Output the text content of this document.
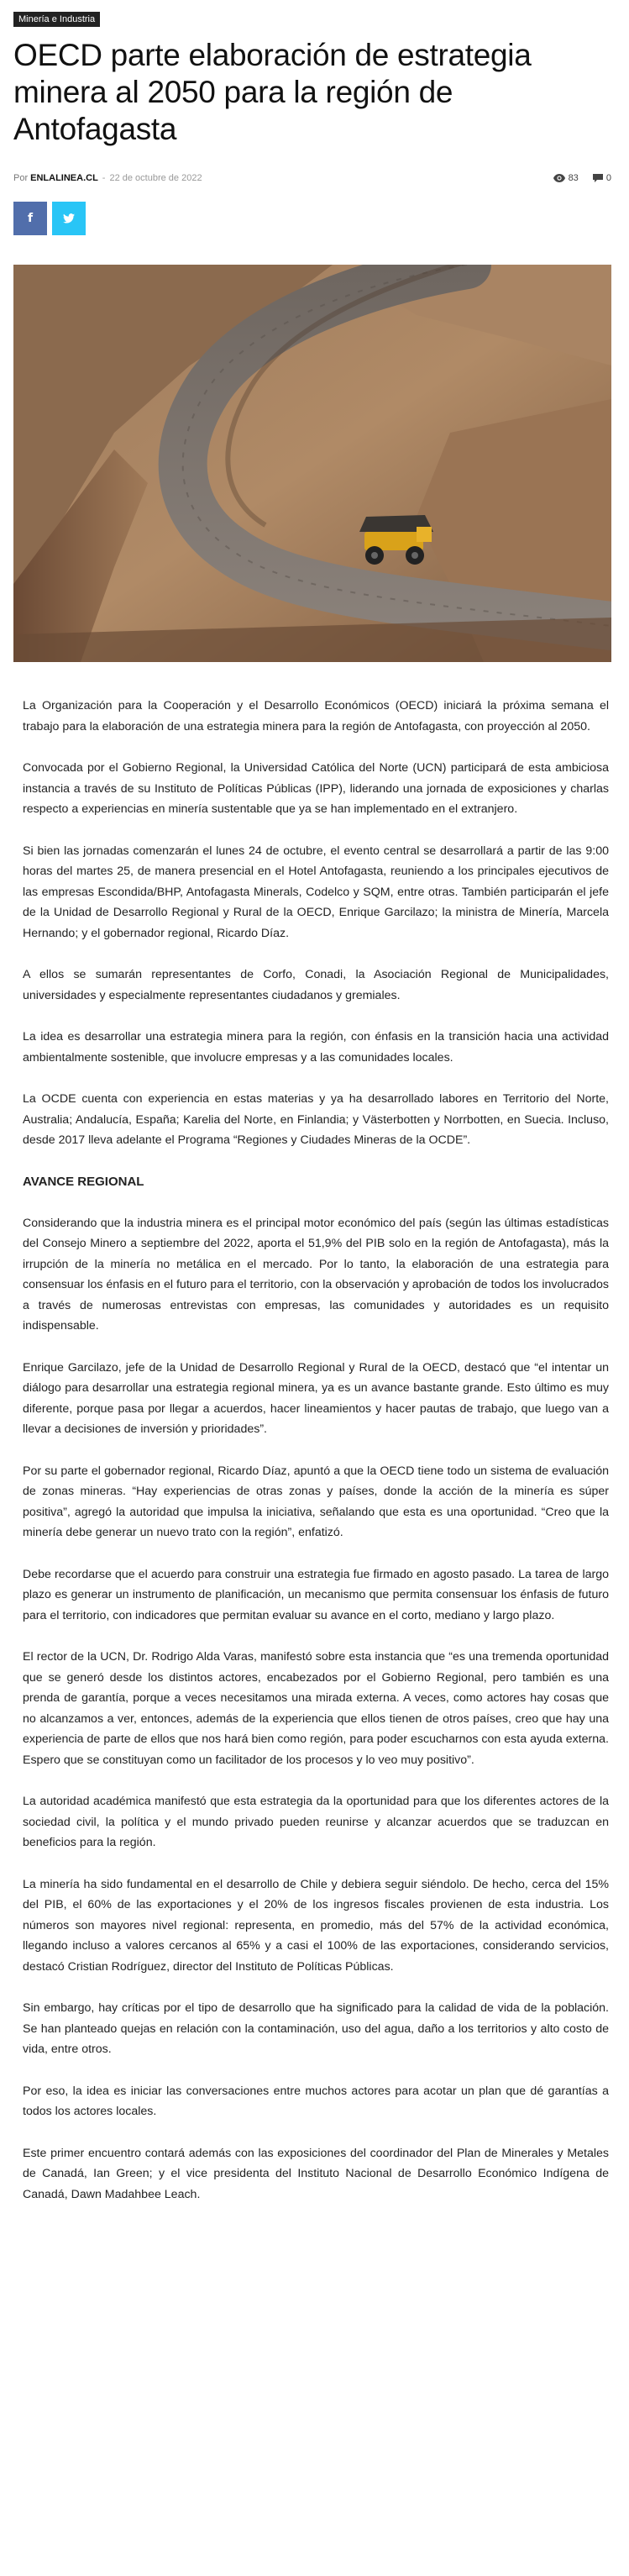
Minería e Industria
OECD parte elaboración de estrategia minera al 2050 para la región de Antofagasta
Por ENLALINEA.CL - 22 de octubre de 2022	83
	0
f

La Organización para la Cooperación y el Desarrollo Económicos (OECD) iniciará la próxima semana el trabajo para la elaboración de una estrategia minera para la región de Antofagasta, con proyección al 2050.

Convocada por el Gobierno Regional, la Universidad Católica del Norte (UCN) participará de esta ambiciosa instancia a través de su Instituto de Políticas Públicas (IPP), liderando una jornada de exposiciones y charlas respecto a experiencias en minería sustentable que ya se han implementado en el extranjero.

Si bien las jornadas comenzarán el lunes 24 de octubre, el evento central se desarrollará a partir de las 9:00 horas del martes 25, de manera presencial en el Hotel Antofagasta, reuniendo a los principales ejecutivos de las empresas Escondida/BHP, Antofagasta Minerals, Codelco y SQM, entre otras. También participarán el jefe de la Unidad de Desarrollo Regional y Rural de la OECD, Enrique Garcilazo; la ministra de Minería, Marcela Hernando; y el gobernador regional, Ricardo Díaz.

A ellos se sumarán representantes de Corfo, Conadi, la Asociación Regional de Municipalidades, universidades y especialmente representantes ciudadanos y gremiales.

La idea es desarrollar una estrategia minera para la región, con énfasis en la transición hacia una actividad ambientalmente sostenible, que involucre empresas y a las comunidades locales.

La OCDE cuenta con experiencia en estas materias y ya ha desarrollado labores en Territorio del Norte, Australia; Andalucía, España; Karelia del Norte, en Finlandia; y Västerbotten y Norrbotten, en Suecia. Incluso, desde 2017 lleva adelante el Programa “Regiones y Ciudades Mineras de la OCDE”.

AVANCE REGIONAL

Considerando que la industria minera es el principal motor económico del país (según las últimas estadísticas del Consejo Minero a septiembre del 2022, aporta el 51,9% del PIB solo en la región de Antofagasta), más la irrupción de la minería no metálica en el mercado. Por lo tanto, la elaboración de una estrategia para consensuar los énfasis en el futuro para el territorio, con la observación y aprobación de todos los involucrados a través de numerosas entrevistas con empresas, las comunidades y autoridades es un requisito indispensable.

Enrique Garcilazo, jefe de la Unidad de Desarrollo Regional y Rural de la OECD, destacó que “el intentar un diálogo para desarrollar una estrategia regional minera, ya es un avance bastante grande. Esto último es muy diferente, porque pasa por llegar a acuerdos, hacer lineamientos y hacer pautas de trabajo, que luego van a llevar a decisiones de inversión y prioridades”.

Por su parte el gobernador regional, Ricardo Díaz, apuntó a que la OECD tiene todo un sistema de evaluación de zonas mineras. “Hay experiencias de otras zonas y países, donde la acción de la minería es súper positiva”, agregó la autoridad que impulsa la iniciativa, señalando que esta es una oportunidad. “Creo que la minería debe generar un nuevo trato con la región”, enfatizó.

Debe recordarse que el acuerdo para construir una estrategia fue firmado en agosto pasado. La tarea de largo plazo es generar un instrumento de planificación, un mecanismo que permita consensuar los énfasis de futuro para el territorio, con indicadores que permitan evaluar su avance en el corto, mediano y largo plazo.

El rector de la UCN, Dr. Rodrigo Alda Varas, manifestó sobre esta instancia que “es una tremenda oportunidad que se generó desde los distintos actores, encabezados por el Gobierno Regional, pero también es una prenda de garantía, porque a veces necesitamos una mirada externa. A veces, como actores hay cosas que no alcanzamos a ver, entonces, además de la experiencia que ellos tienen de otros países, creo que hay una experiencia de parte de ellos que nos hará bien como región, para poder escucharnos con esta ayuda externa. Espero que se constituyan como un facilitador de los procesos y lo veo muy positivo”.

La autoridad académica manifestó que esta estrategia da la oportunidad para que los diferentes actores de la sociedad civil, la política y el mundo privado pueden reunirse y alcanzar acuerdos que se traduzcan en beneficios para la región.

La minería ha sido fundamental en el desarrollo de Chile y debiera seguir siéndolo. De hecho, cerca del 15% del PIB, el 60% de las exportaciones y el 20% de los ingresos fiscales provienen de esta industria. Los números son mayores nivel regional: representa, en promedio, más del 57% de la actividad económica, llegando incluso a valores cercanos al 65% y a casi el 100% de las exportaciones, considerando servicios, destacó Cristian Rodríguez, director del Instituto de Políticas Públicas.

Sin embargo, hay críticas por el tipo de desarrollo que ha significado para la calidad de vida de la población. Se han planteado quejas en relación con la contaminación, uso del agua, daño a los territorios y alto costo de vida, entre otros.

Por eso, la idea es iniciar las conversaciones entre muchos actores para acotar un plan que dé garantías a todos los actores locales.

Este primer encuentro contará además con las exposiciones del coordinador del Plan de Minerales y Metales de Canadá, Ian Green; y el vice presidenta del Instituto Nacional de Desarrollo Económico Indígena de Canadá, Dawn Madahbee Leach.
